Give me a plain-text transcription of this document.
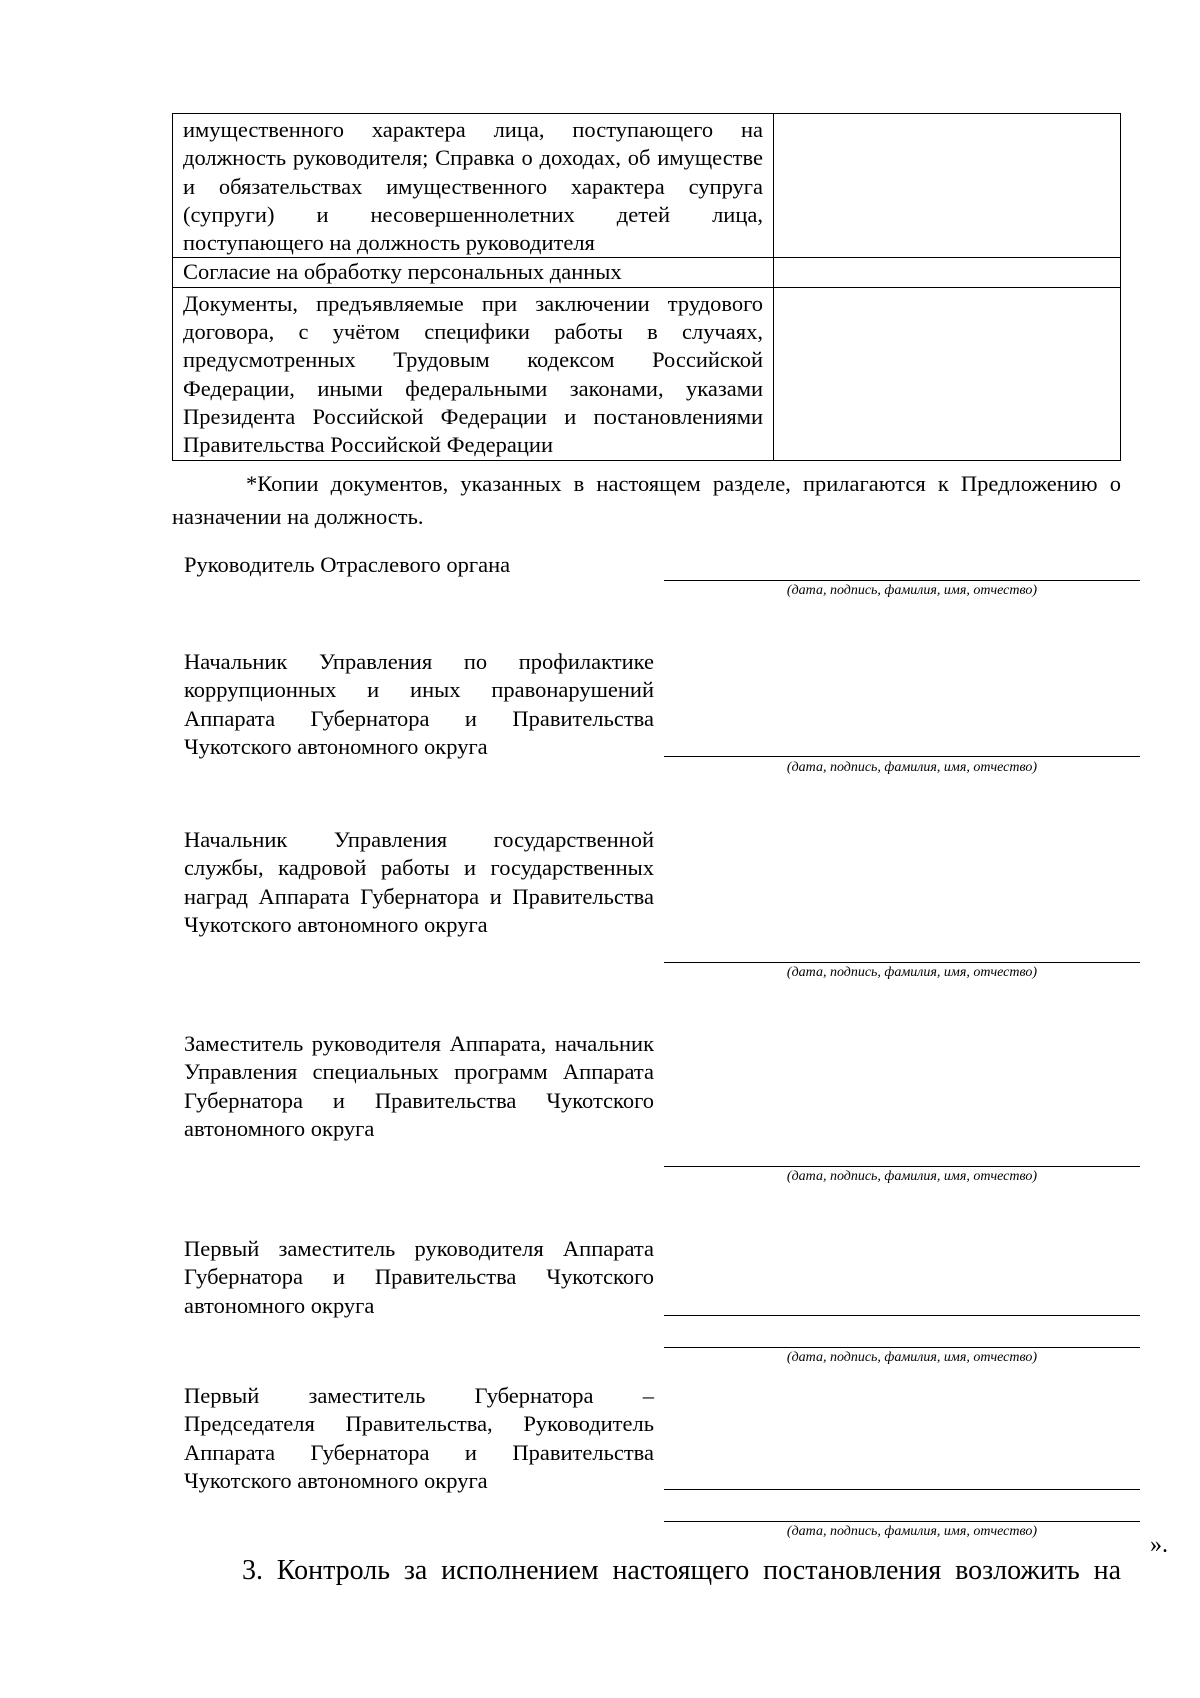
имущественного характера лица, поступающего на должность руководителя; Справка о доходах, об имуществе и обязательствах имущественного характера супруга (супруги) и несовершеннолетних детей лица, поступающего на должность руководителя	

Согласие на обработку персональных данных	

Документы, предъявляемые при заключении трудового договора, с учётом специфики работы в случаях, предусмотренных Трудовым кодексом Российской Федерации, иными федеральными законами, указами Президента Российской Федерации и постановлениями Правительства Российской Федерации	

*Копии документов, указанных в настоящем разделе, прилагаются к Предложению о назначении на должность.
Руководитель Отраслевого органа
(дата, подпись, фамилия, имя, отчество)
Начальник Управления по профилактике коррупционных и иных правонарушений Аппарата Губернатора и Правительства Чукотского автономного округа
(дата, подпись, фамилия, имя, отчество)
Начальник Управления государственной службы, кадровой работы и государственных наград Аппарата Губернатора и Правительства Чукотского автономного округа
(дата, подпись, фамилия, имя, отчество)
Заместитель руководителя Аппарата, начальник Управления специальных программ Аппарата Губернатора и Правительства Чукотского автономного округа
(дата, подпись, фамилия, имя, отчество)
Первый заместитель руководителя Аппарата Губернатора и Правительства Чукотского автономного округа
(дата, подпись, фамилия, имя, отчество)
Первый заместитель Губернатора – Председателя Правительства, Руководитель Аппарата Губернатора и Правительства Чукотского автономного округа
(дата, подпись, фамилия, имя, отчество)
».
3. Контроль за исполнением настоящего постановления возложить на
